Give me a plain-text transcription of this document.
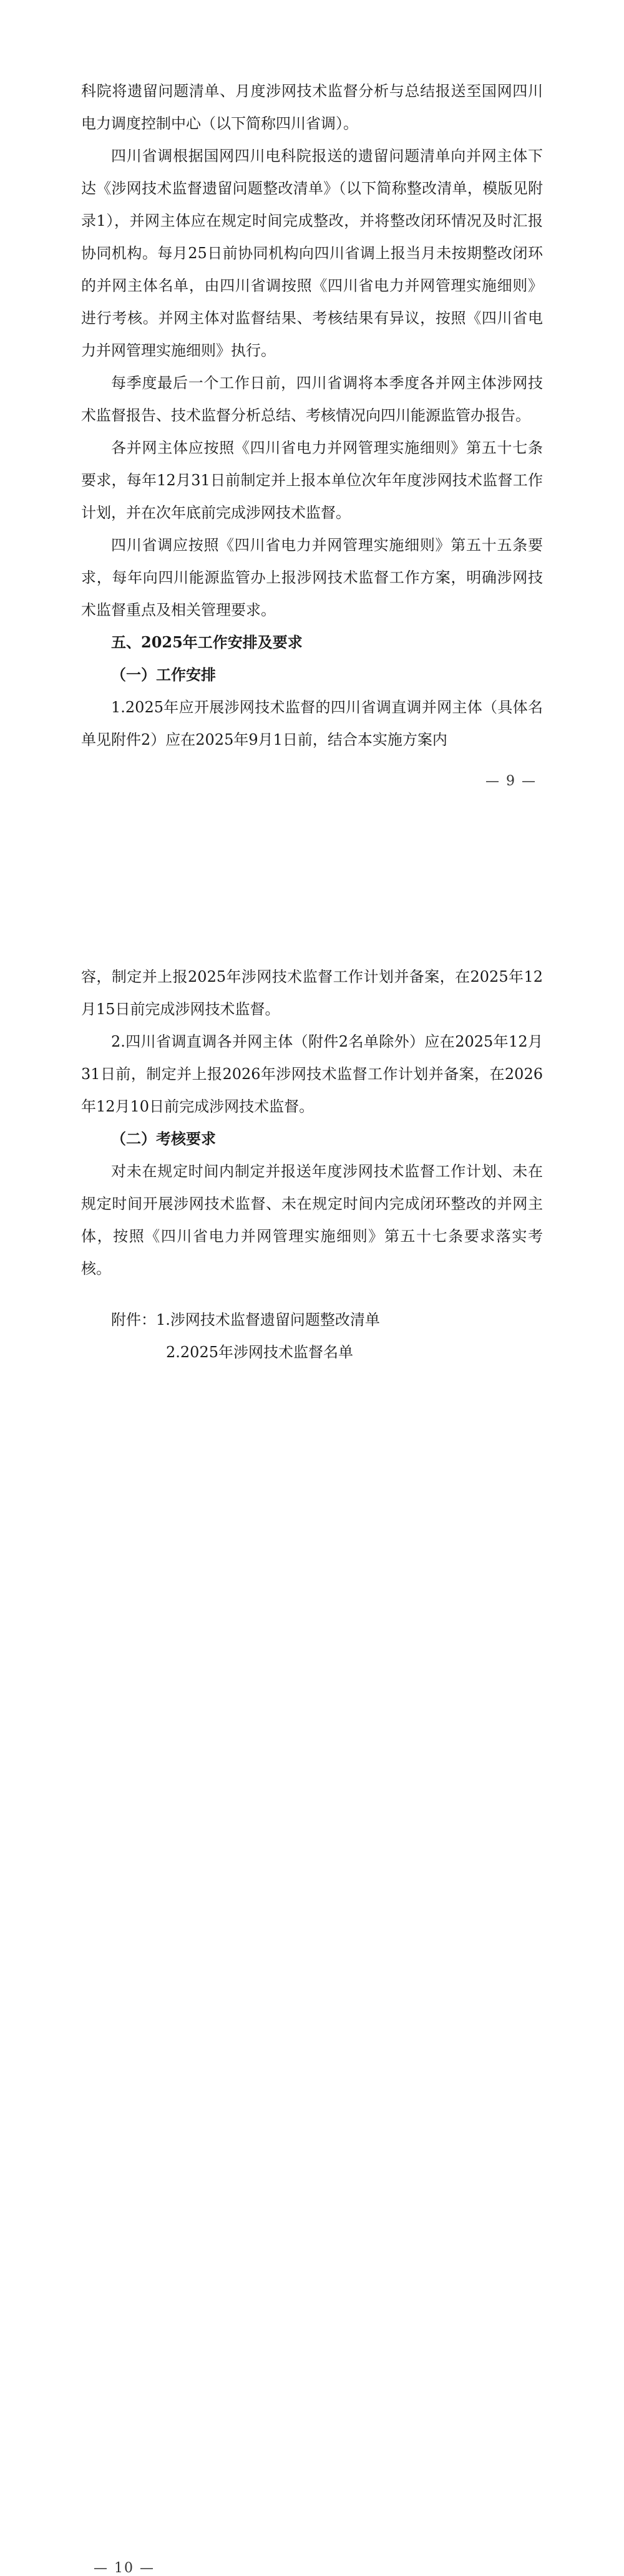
科院将遗留问题清单、月度涉网技术监督分析与总结报送至国网四川电力调度控制中心（以下简称四川省调）。

四川省调根据国网四川电科院报送的遗留问题清单向并网主体下达《涉网技术监督遗留问题整改清单》（以下简称整改清单，模版见附录1），并网主体应在规定时间完成整改，并将整改闭环情况及时汇报协同机构。每月25日前协同机构向四川省调上报当月未按期整改闭环的并网主体名单，由四川省调按照《四川省电力并网管理实施细则》进行考核。并网主体对监督结果、考核结果有异议，按照《四川省电力并网管理实施细则》执行。

每季度最后一个工作日前，四川省调将本季度各并网主体涉网技术监督报告、技术监督分析总结、考核情况向四川能源监管办报告。

各并网主体应按照《四川省电力并网管理实施细则》第五十七条要求，每年12月31日前制定并上报本单位次年年度涉网技术监督工作计划，并在次年底前完成涉网技术监督。

四川省调应按照《四川省电力并网管理实施细则》第五十五条要求，每年向四川能源监管办上报涉网技术监督工作方案，明确涉网技术监督重点及相关管理要求。

五、2025年工作安排及要求

（一）工作安排

1.2025年应开展涉网技术监督的四川省调直调并网主体（具体名单见附件2）应在2025年9月1日前，结合本实施方案内

— 9 —

容，制定并上报2025年涉网技术监督工作计划并备案，在2025年12月15日前完成涉网技术监督。

2.四川省调直调各并网主体（附件2名单除外）应在2025年12月31日前，制定并上报2026年涉网技术监督工作计划并备案，在2026年12月10日前完成涉网技术监督。

（二）考核要求

对未在规定时间内制定并报送年度涉网技术监督工作计划、未在规定时间开展涉网技术监督、未在规定时间内完成闭环整改的并网主体，按照《四川省电力并网管理实施细则》第五十七条要求落实考核。

附件：1.涉网技术监督遗留问题整改清单

2.2025年涉网技术监督名单

— 10 —
